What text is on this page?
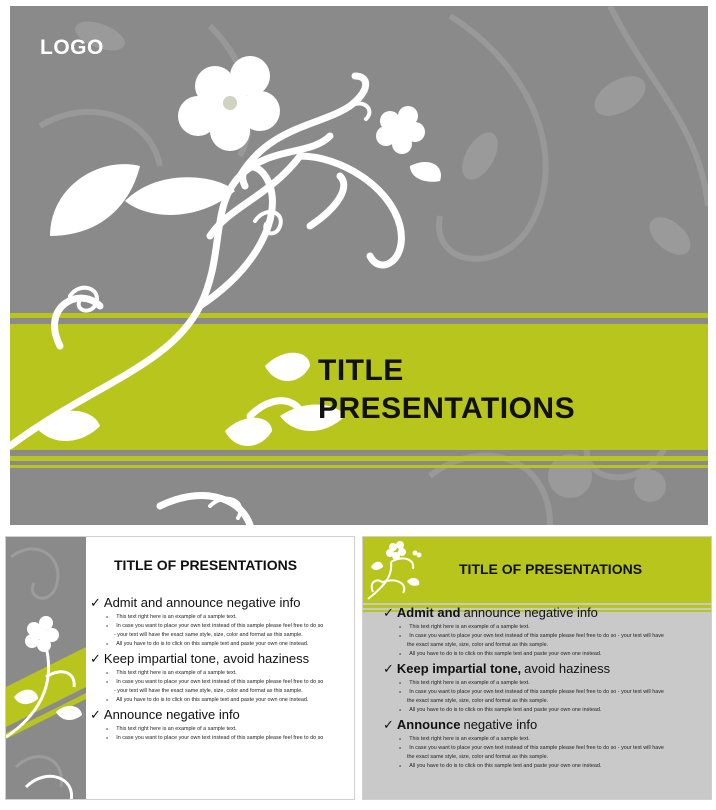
LOGO
TITLE
PRESENTATIONS
TITLE OF PRESENTATIONS
✓ Admit and announce negative info
o This text right here is an example of a sample text.
o In case you want to place your own text instead of this sample please feel free to do so
- your text will have the exact same style, size, color and format as this sample.
o All you have to do is to click on this sample text and paste your own one instead.
✓ Keep impartial tone, avoid haziness
o This text right here is an example of a sample text.
o In case you want to place your own text instead of this sample please feel free to do so
- your text will have the exact same style, size, color and format as this sample.
o All you have to do is to click on this sample text and paste your own one instead.
✓ Announce negative info
o This text right here is an example of a sample text.
o In case you want to place your own text instead of this sample please feel free to do so
TITLE OF PRESENTATIONS
✓ Admit and announce negative info
o This text right here is an example of a sample text.
o In case you want to place your own text instead of this sample please feel free to do so - your text will have
the exact same style, size, color and format as this sample.
o All you have to do is to click on this sample text and paste your own one instead.
✓ Keep impartial tone, avoid haziness
o This text right here is an example of a sample text.
o In case you want to place your own text instead of this sample please feel free to do so - your text will have
the exact same style, size, color and format as this sample.
o All you have to do is to click on this sample text and paste your own one instead.
✓ Announce negative info
o This text right here is an example of a sample text.
o In case you want to place your own text instead of this sample please feel free to do so - your text will have
the exact same style, size, color and format as this sample.
o All you have to do is to click on this sample text and paste your own one instead.
